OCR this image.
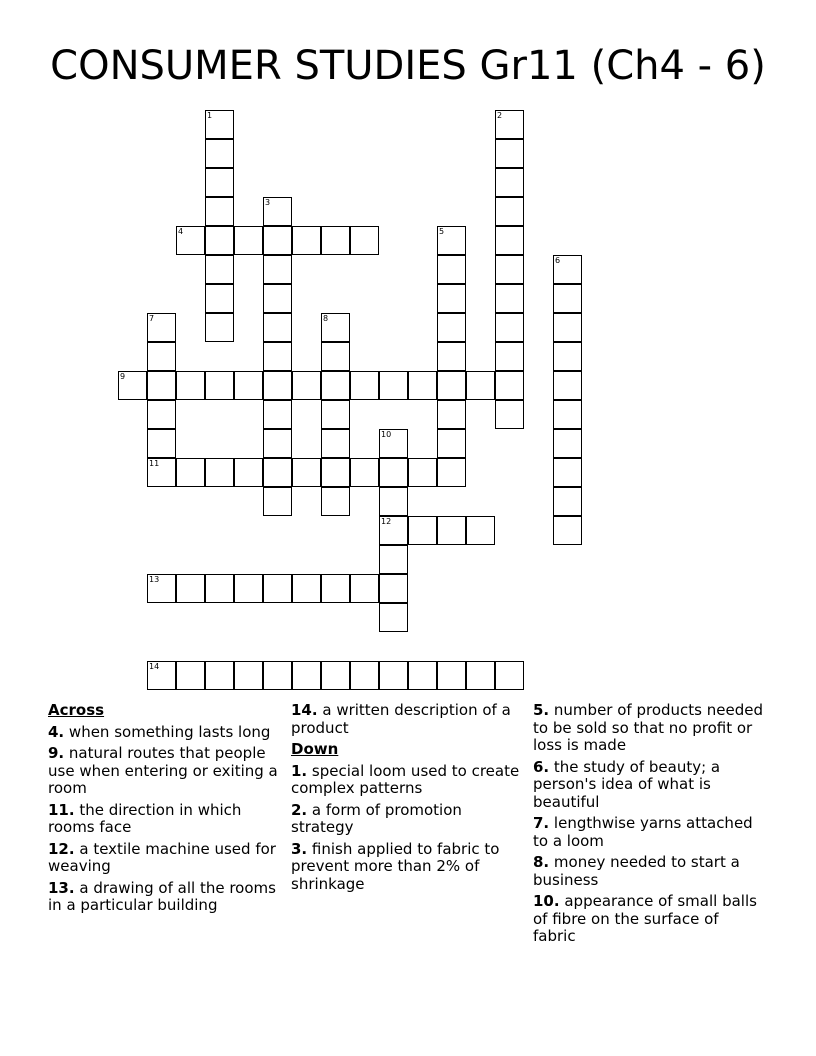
CONSUMER STUDIES Gr11 (Ch4 - 6)
1	2
3
4	5
6
7	8
9
10
12
11
13
14
Across
4. when something lasts long
9. natural routes that people use when entering or exiting a room
11. the direction in which rooms face
12. a textile machine used for weaving
13. a drawing of all the rooms in a particular building
14. a written description of a product
Down
1. special loom used to create complex patterns
2. a form of promotion strategy
3. finish applied to fabric to prevent more than 2% of shrinkage
5. number of products needed to be sold so that no profit or loss is made
6. the study of beauty; a person's idea of what is beautiful
7. lengthwise yarns attached to a loom
8. money needed to start a business
10. appearance of small balls of fibre on the surface of fabric
